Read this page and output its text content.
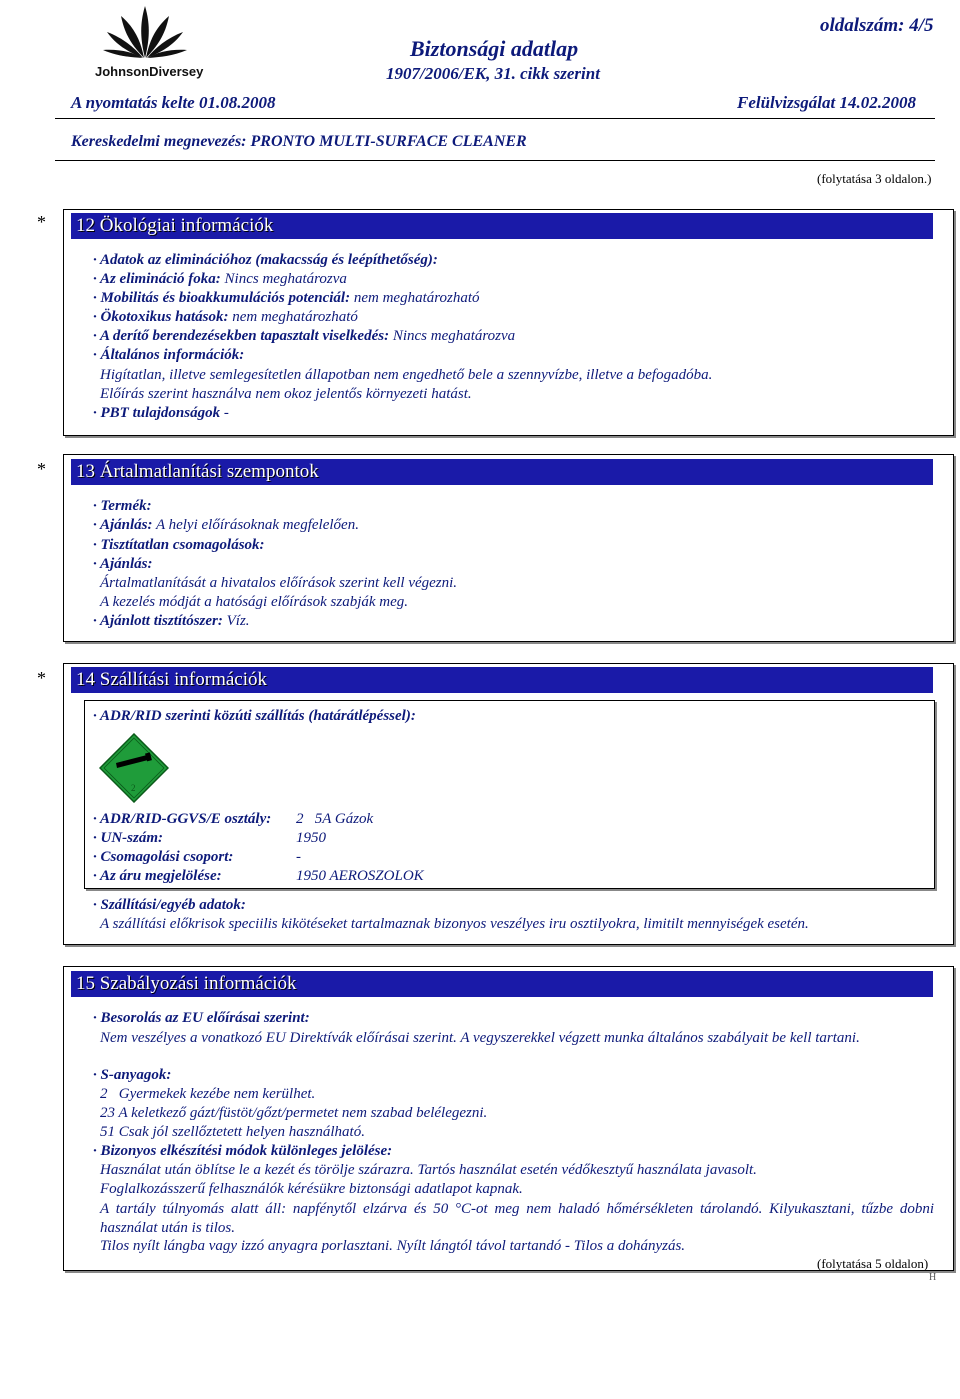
JohnsonDiversey
Biztonsági adatlap
1907/2006/EK, 31. cikk szerint
oldalszám: 4/5
A nyomtatás kelte 01.08.2008	Felülvizsgálat 14.02.2008
Kereskedelmi megnevezés: PRONTO MULTI-SURFACE CLEANER
(folytatása 3 oldalon.)
* 12 Ökológiai információk
· Adatok az eliminációhoz (makacsság és leépíthetőség):
· Az elimináció foka: Nincs meghatározva
· Mobilitás és bioakkumulációs potenciál: nem meghatározható
· Ökotoxikus hatások: nem meghatározható
· A derítő berendezésekben tapasztalt viselkedés: Nincs meghatározva
· Általános információk:
Higítatlan, illetve semlegesítetlen állapotban nem engedhető bele a szennyvízbe, illetve a befogadóba.
Előírás szerint használva nem okoz jelentős környezeti hatást.
· PBT tulajdonságok -
* 13 Ártalmatlanítási szempontok
· Termék:
· Ajánlás: A helyi előírásoknak megfelelően.
· Tisztítatlan csomagolások:
· Ajánlás:
Ártalmatlanítását a hivatalos előírások szerint kell végezni.
A kezelés módját a hatósági előírások szabják meg.
· Ajánlott tisztítószer: Víz.
* 14 Szállítási információk
· ADR/RID szerinti közúti szállítás (határátlépéssel):
2
· ADR/RID-GGVS/E osztály: 2   5A Gázok
· UN-szám:	1950
· Csomagolási csoport:	-
· Az áru megjelölése:	1950 AEROSZOLOK
· Szállítási/egyéb adatok:
A szállítási előkrisok speciilis kikötéseket tartalmaznak bizonyos veszélyes iru osztilyokra, limitilt mennyiségek esetén.
15 Szabályozási információk
· Besorolás az EU előírásai szerint:
Nem veszélyes a vonatkozó EU Direktívák előírásai szerint. A vegyszerekkel végzett munka általános szabályait be kell tartani.
· S-anyagok:
2   Gyermekek kezébe nem kerülhet.
23 A keletkező gázt/füstöt/gőzt/permetet nem szabad belélegezni.
51 Csak jól szellőztetett helyen használható.
· Bizonyos elkészítési módok különleges jelölése:
Használat után öblítse le a kezét és törölje szárazra. Tartós használat esetén védőkesztyű használata javasolt.
Foglalkozásszerű felhasználók kérésükre biztonsági adatlapot kapnak.
A tartály túlnyomás alatt áll: napfénytől elzárva és 50 °C-ot meg nem haladó hőmérsékleten tárolandó. Kilyukasztani, tűzbe dobni használat után is tilos.
Tilos nyílt lángba vagy izzó anyagra porlasztani. Nyílt lángtól távol tartandó - Tilos a dohányzás.
(folytatása 5 oldalon)
H
